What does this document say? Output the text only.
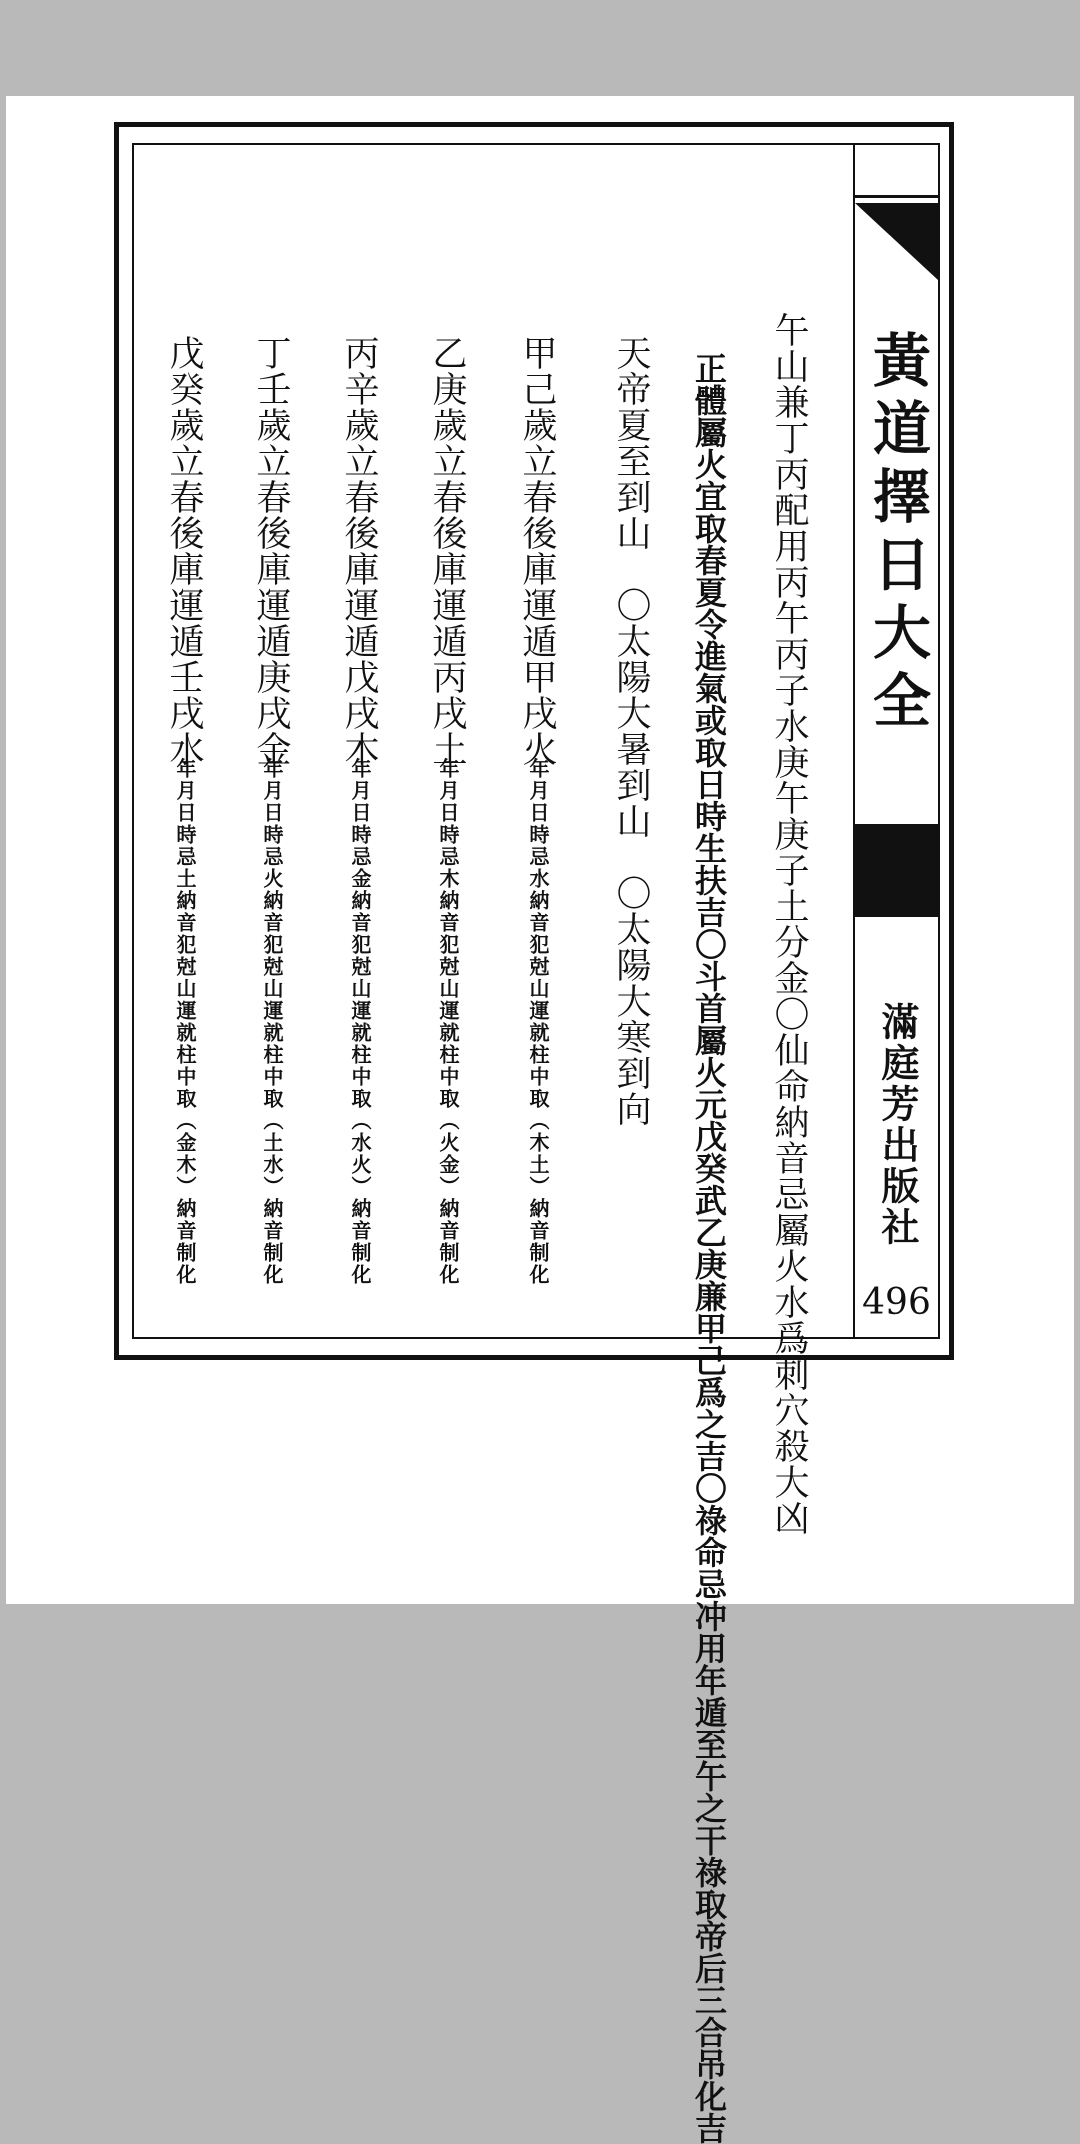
黃道擇日大全
滿庭芳出版社
496
午山兼丁丙配用丙午丙子水庚午庚子土分金〇仙命納音忌屬火水爲刺穴殺大凶
正體屬火宜取春夏令進氣或取日時生扶吉〇斗首屬火元戊癸武乙庚廉甲己爲之吉〇祿命忌冲用年遁至午之干祿取帝后三合吊化吉
天帝夏至到山　〇太陽大暑到山　〇太陽大寒到向
甲己歲立春後庫運遁甲戌火
年月日時忌水納音犯尅山運就柱中取（木土）納音制化
乙庚歲立春後庫運遁丙戌土
年月日時忌木納音犯尅山運就柱中取（火金）納音制化
丙辛歲立春後庫運遁戊戌木
年月日時忌金納音犯尅山運就柱中取（水火）納音制化
丁壬歲立春後庫運遁庚戌金
年月日時忌火納音犯尅山運就柱中取（土水）納音制化
戊癸歲立春後庫運遁壬戌水
年月日時忌土納音犯尅山運就柱中取（金木）納音制化
